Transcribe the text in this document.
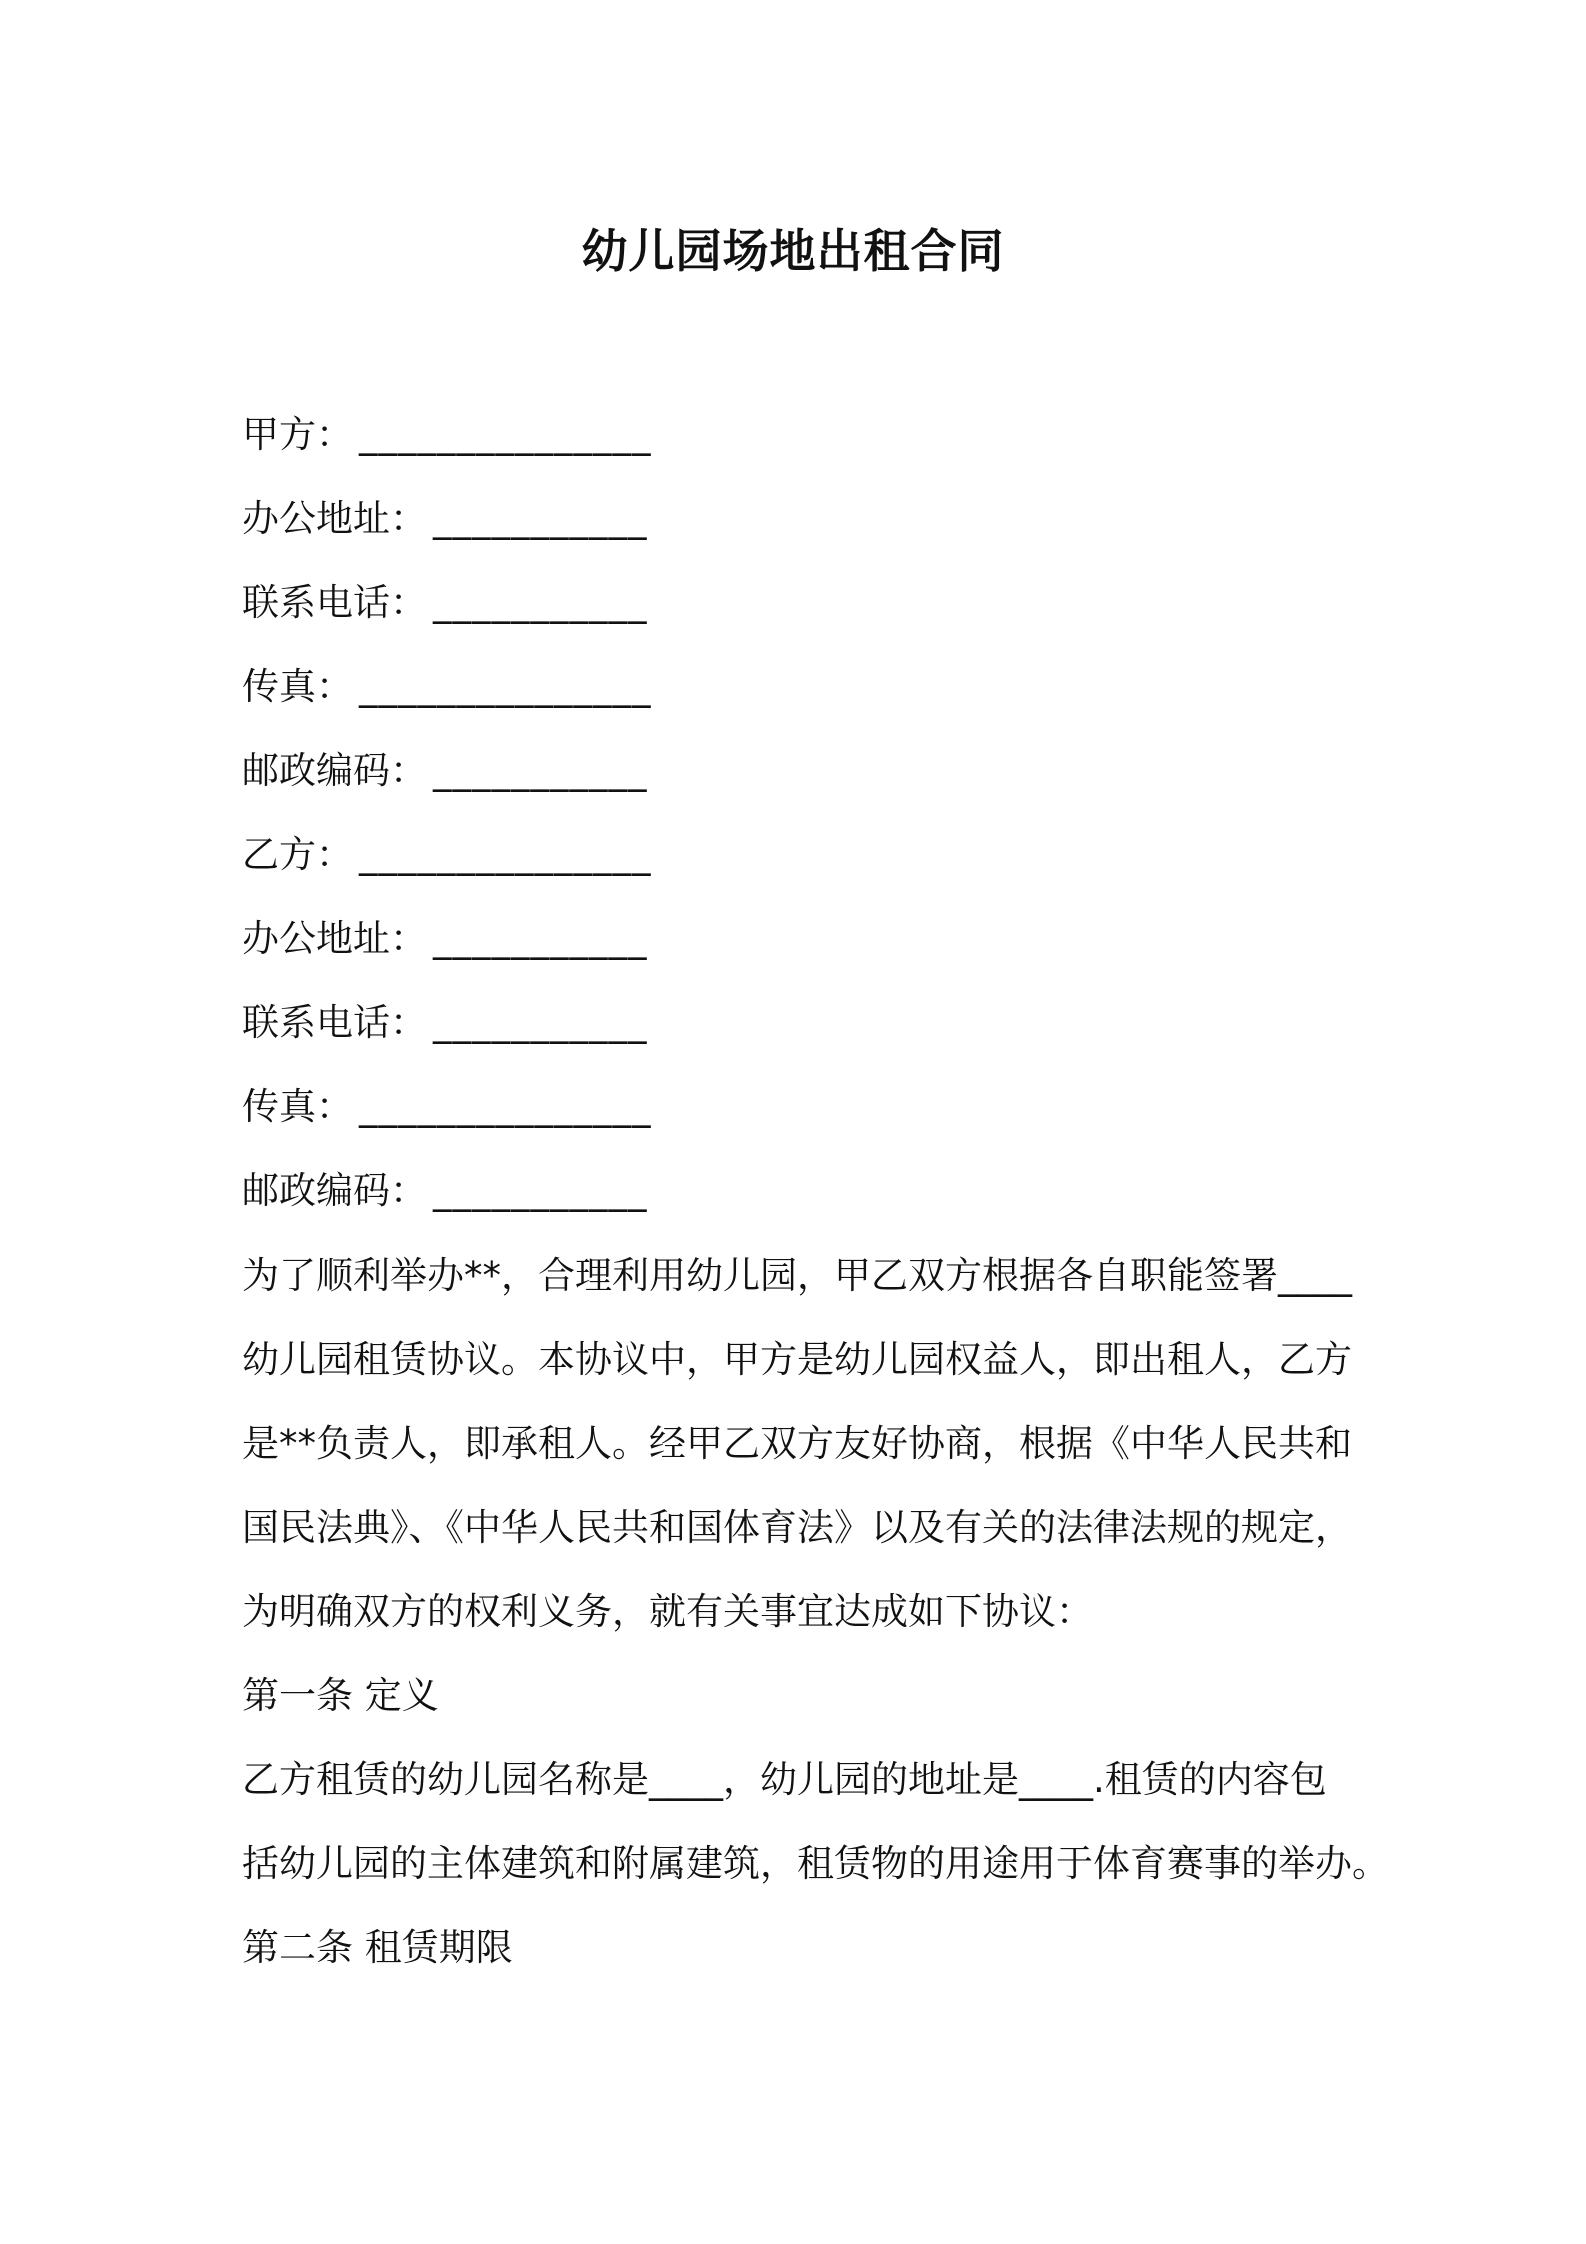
幼儿园场地出租合同
甲方： _______________
办公地址： ___________
联系电话： ___________
传真： _______________
邮政编码： ___________
乙方： _______________
办公地址： ___________
联系电话： ___________
传真： _______________
邮政编码： ___________
为了顺利举办**，合理利用幼儿园，甲乙双方根据各自职能签署____
幼儿园租赁协议。本协议中，甲方是幼儿园权益人，即出租人，乙方
是**负责人，即承租人。经甲乙双方友好协商，根据《中华人民共和
国民法典》、《中华人民共和国体育法》以及有关的法律法规的规定，
为明确双方的权利义务，就有关事宜达成如下协议：
第一条 定义
乙方租赁的幼儿园名称是____，幼儿园的地址是____.租赁的内容包
括幼儿园的主体建筑和附属建筑，租赁物的用途用于体育赛事的举办。
第二条 租赁期限
